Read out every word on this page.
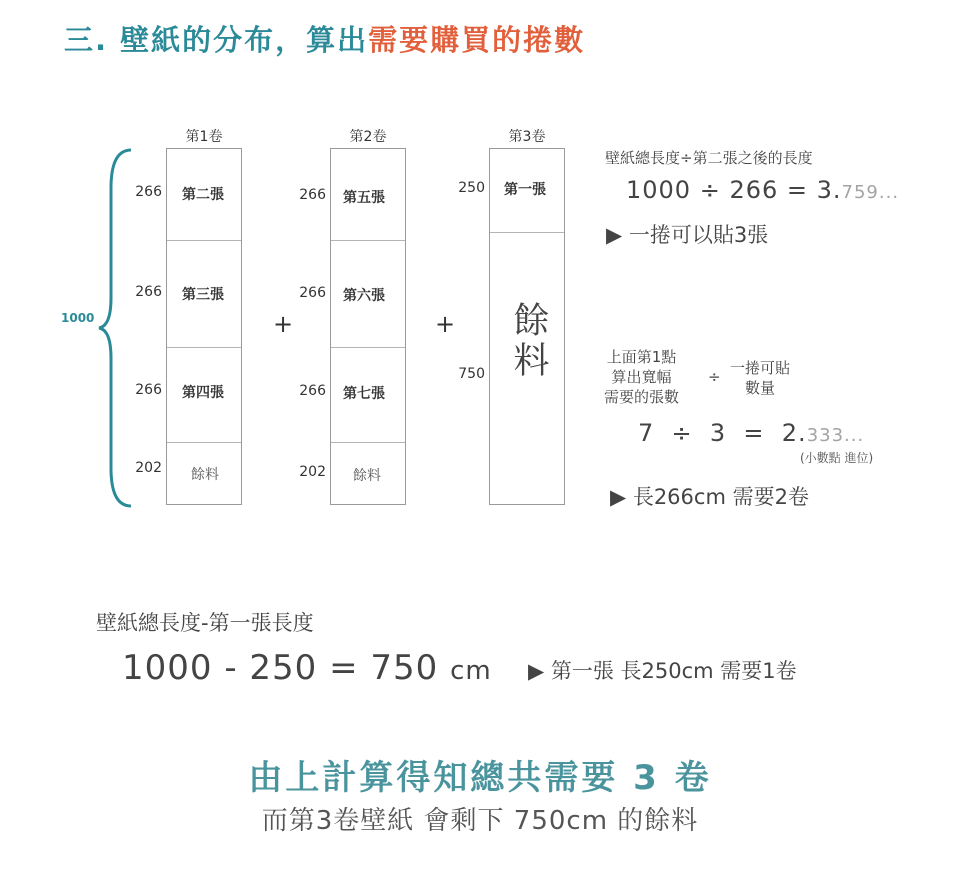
三. 壁紙的分布，算出需要購買的捲數
1000
第1卷
第二張
第三張
第四張
餘料
266
266
266
202
+
第2卷
第五張
第六張
第七張
餘料
266
266
266
202
+
第3卷
第一張
餘料
250
750
壁紙總長度÷第二張之後的長度
1000 ÷ 266 = 3.759...
▶ 一捲可以貼3張
上面第1點
算出寬幅
需要的張數
÷ 一捲可貼
數量
7  ÷  3  =  2.333...
(小數點 進位)
▶ 長266cm 需要2卷
壁紙總長度-第一張長度
1000 - 250 = 750 cm ▶ 第一張 長250cm 需要1卷
由上計算得知總共需要 3 卷
而第3卷壁紙 會剩下 750cm 的餘料
